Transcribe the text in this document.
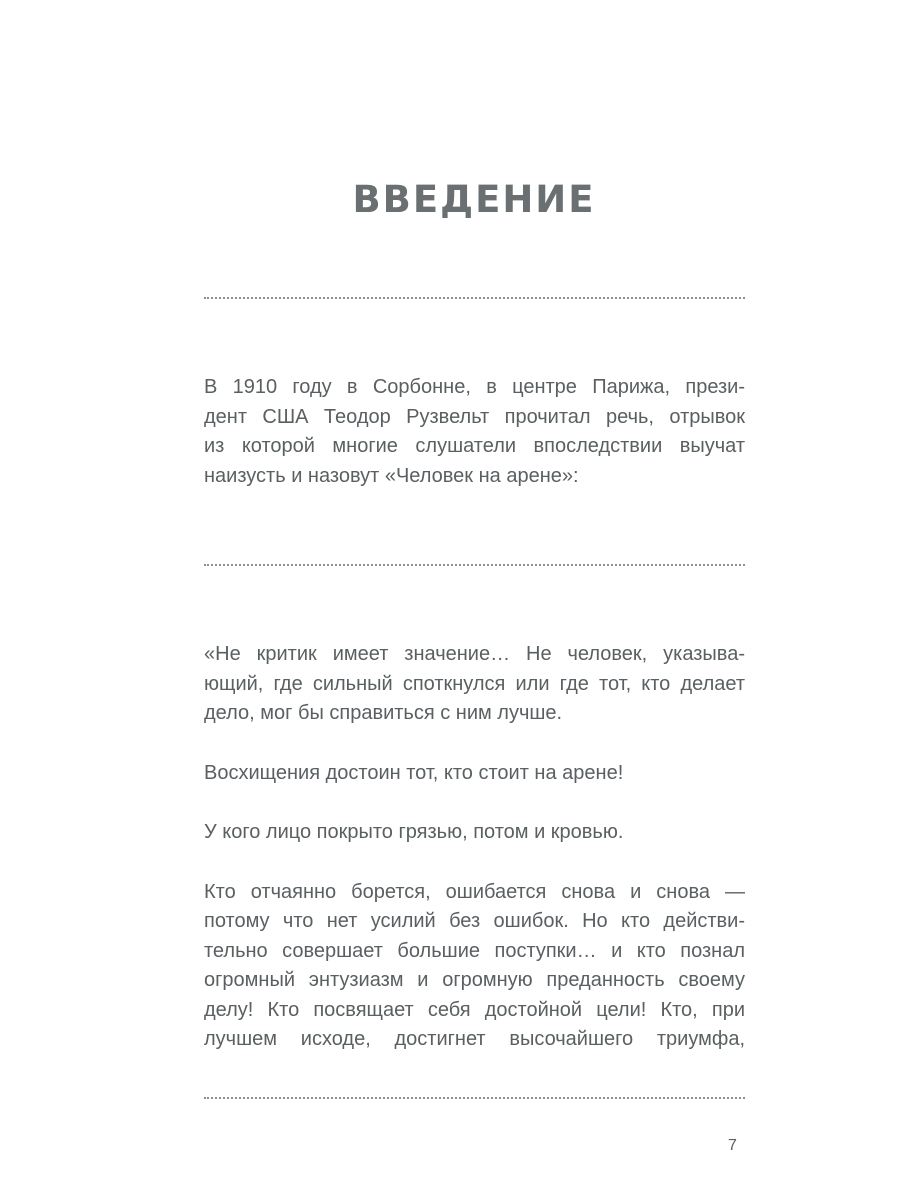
ВВЕДЕНИЕ

В 1910 году в Сорбонне, в центре Парижа, прези-
дент США Теодор Рузвельт прочитал речь, отрывок
из которой многие слушатели впоследствии выучат
наизусть и назовут «Человек на арене»:

«Не критик имеет значение… Не человек, указыва-
ющий, где сильный споткнулся или где тот, кто делает
дело, мог бы справиться с ним лучше.

Восхищения достоин тот, кто стоит на арене!

У кого лицо покрыто грязью, потом и кровью.

Кто отчаянно борется, ошибается снова и снова —
потому что нет усилий без ошибок. Но кто действи-
тельно совершает большие поступки… и кто познал
огромный энтузиазм и огромную преданность своему
делу! Кто посвящает себя достойной цели! Кто, при
лучшем исходе, достигнет высочайшего триумфа,

7
